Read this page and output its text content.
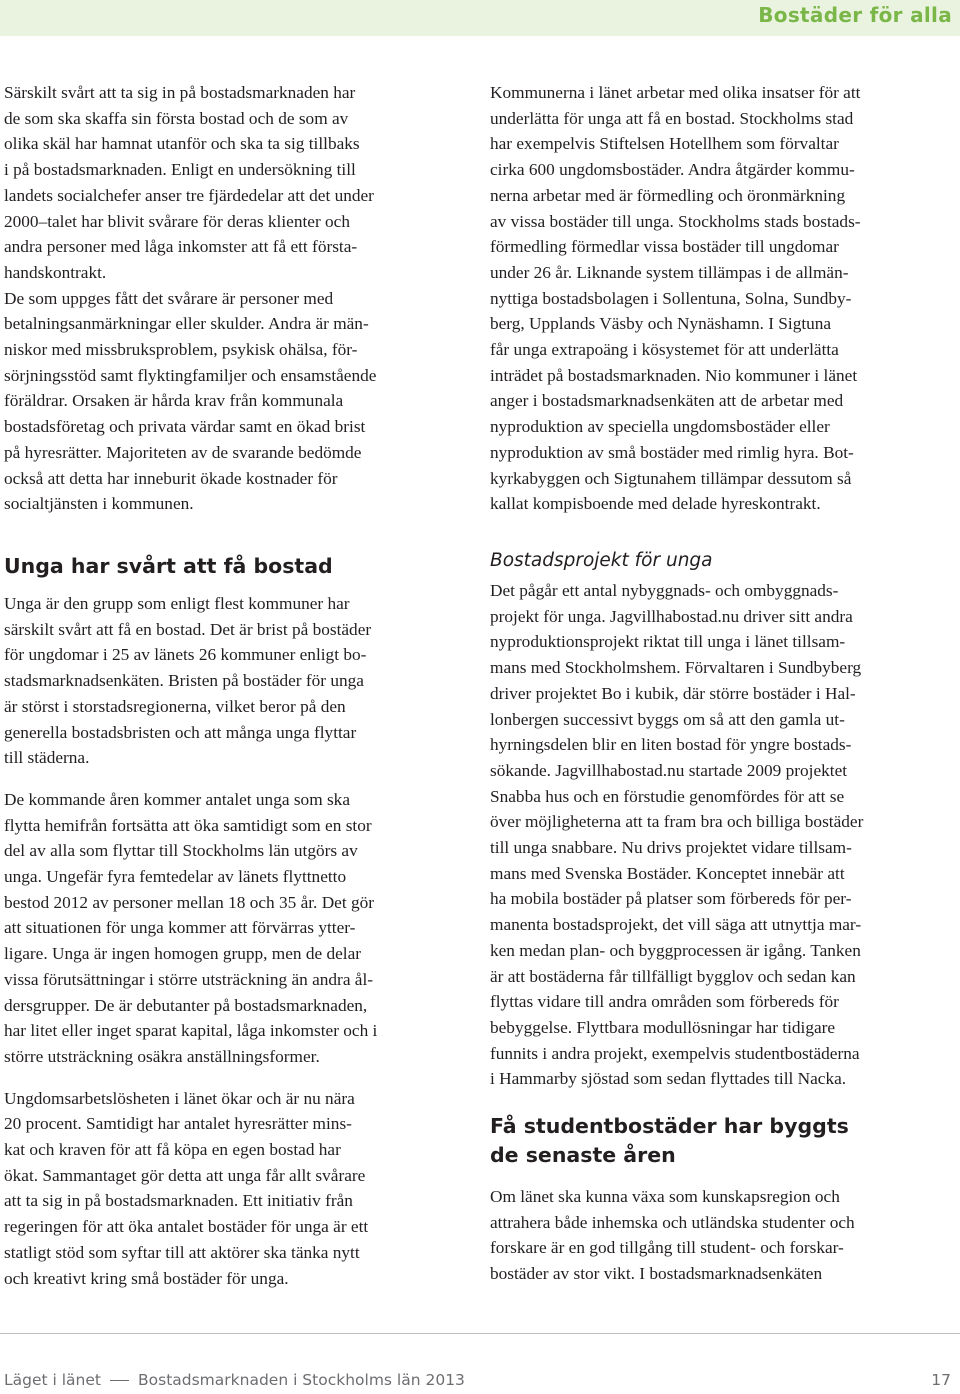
Bostäder för alla

Särskilt svårt att ta sig in på bostadsmarknaden har
de som ska skaffa sin första bostad och de som av
olika skäl har hamnat utanför och ska ta sig tillbaks
i på bostadsmarknaden. Enligt en undersökning till
landets socialchefer anser tre fjärdedelar att det under
2000–talet har blivit svårare för deras klienter och
andra personer med låga inkomster att få ett första-
handskontrakt.

De som uppges fått det svårare är personer med
betalningsanmärkningar eller skulder. Andra är män-
niskor med missbruksproblem, psykisk ohälsa, för-
sörjningsstöd samt flyktingfamiljer och ensamstående
föräldrar. Orsaken är hårda krav från kommunala
bostadsföretag och privata värdar samt en ökad brist
på hyresrätter. Majoriteten av de svarande bedömde
också att detta har inneburit ökade kostnader för
socialtjänsten i kommunen.

Unga har svårt att få bostad

Unga är den grupp som enligt flest kommuner har
särskilt svårt att få en bostad. Det är brist på bostäder
för ungdomar i 25 av länets 26 kommuner enligt bo-
stadsmarknadsenkäten. Bristen på bostäder för unga
är störst i storstadsregionerna, vilket beror på den
generella bostadsbristen och att många unga flyttar
till städerna.

De kommande åren kommer antalet unga som ska
flytta hemifrån fortsätta att öka samtidigt som en stor
del av alla som flyttar till Stockholms län utgörs av
unga. Ungefär fyra femtedelar av länets flyttnetto
bestod 2012 av personer mellan 18 och 35 år. Det gör
att situationen för unga kommer att förvärras ytter-
ligare. Unga är ingen homogen grupp, men de delar
vissa förutsättningar i större utsträckning än andra ål-
dersgrupper. De är debutanter på bostadsmarknaden,
har litet eller inget sparat kapital, låga inkomster och i
större utsträckning osäkra anställningsformer.

Ungdomsarbetslösheten i länet ökar och är nu nära
20 procent. Samtidigt har antalet hyresrätter mins-
kat och kraven för att få köpa en egen bostad har
ökat. Sammantaget gör detta att unga får allt svårare
att ta sig in på bostadsmarknaden. Ett initiativ från
regeringen för att öka antalet bostäder för unga är ett
statligt stöd som syftar till att aktörer ska tänka nytt
och kreativt kring små bostäder för unga.

Kommunerna i länet arbetar med olika insatser för att
underlätta för unga att få en bostad. Stockholms stad
har exempelvis Stiftelsen Hotellhem som förvaltar
cirka 600 ungdomsbostäder. Andra åtgärder kommu-
nerna arbetar med är förmedling och öronmärkning
av vissa bostäder till unga. Stockholms stads bostads-
förmedling förmedlar vissa bostäder till ungdomar
under 26 år. Liknande system tillämpas i de allmän-
nyttiga bostadsbolagen i Sollentuna, Solna, Sundby-
berg, Upplands Väsby och Nynäshamn. I Sigtuna
får unga extrapoäng i kösystemet för att underlätta
inträdet på bostadsmarknaden. Nio kommuner i länet
anger i bostadsmarknadsenkäten att de arbetar med
nyproduktion av speciella ungdomsbostäder eller
nyproduktion av små bostäder med rimlig hyra. Bot-
kyrkabyggen och Sigtunahem tillämpar dessutom så
kallat kompisboende med delade hyreskontrakt.

Bostadsprojekt för unga

Det pågår ett antal nybyggnads- och ombyggnads-
projekt för unga. Jagvillhabostad.nu driver sitt andra
nyproduktionsprojekt riktat till unga i länet tillsam-
mans med Stockholmshem. Förvaltaren i Sundbyberg
driver projektet Bo i kubik, där större bostäder i Hal-
lonbergen successivt byggs om så att den gamla ut-
hyrningsdelen blir en liten bostad för yngre bostads-
sökande. Jagvillhabostad.nu startade 2009 projektet
Snabba hus och en förstudie genomfördes för att se
över möjligheterna att ta fram bra och billiga bostäder
till unga snabbare. Nu drivs projektet vidare tillsam-
mans med Svenska Bostäder. Konceptet innebär att
ha mobila bostäder på platser som förbereds för per-
manenta bostadsprojekt, det vill säga att utnyttja mar-
ken medan plan- och byggprocessen är igång. Tanken
är att bostäderna får tillfälligt bygglov och sedan kan
flyttas vidare till andra områden som förbereds för
bebyggelse. Flyttbara modullösningar har tidigare
funnits i andra projekt, exempelvis studentbostäderna
i Hammarby sjöstad som sedan flyttades till Nacka.

Få studentbostäder har byggts
de senaste åren

Om länet ska kunna växa som kunskapsregion och
attrahera både inhemska och utländska studenter och
forskare är en god tillgång till student- och forskar-
bostäder av stor vikt. I bostadsmarknadsenkäten

Läget i länet Bostadsmarknaden i Stockholms län 2013	17
